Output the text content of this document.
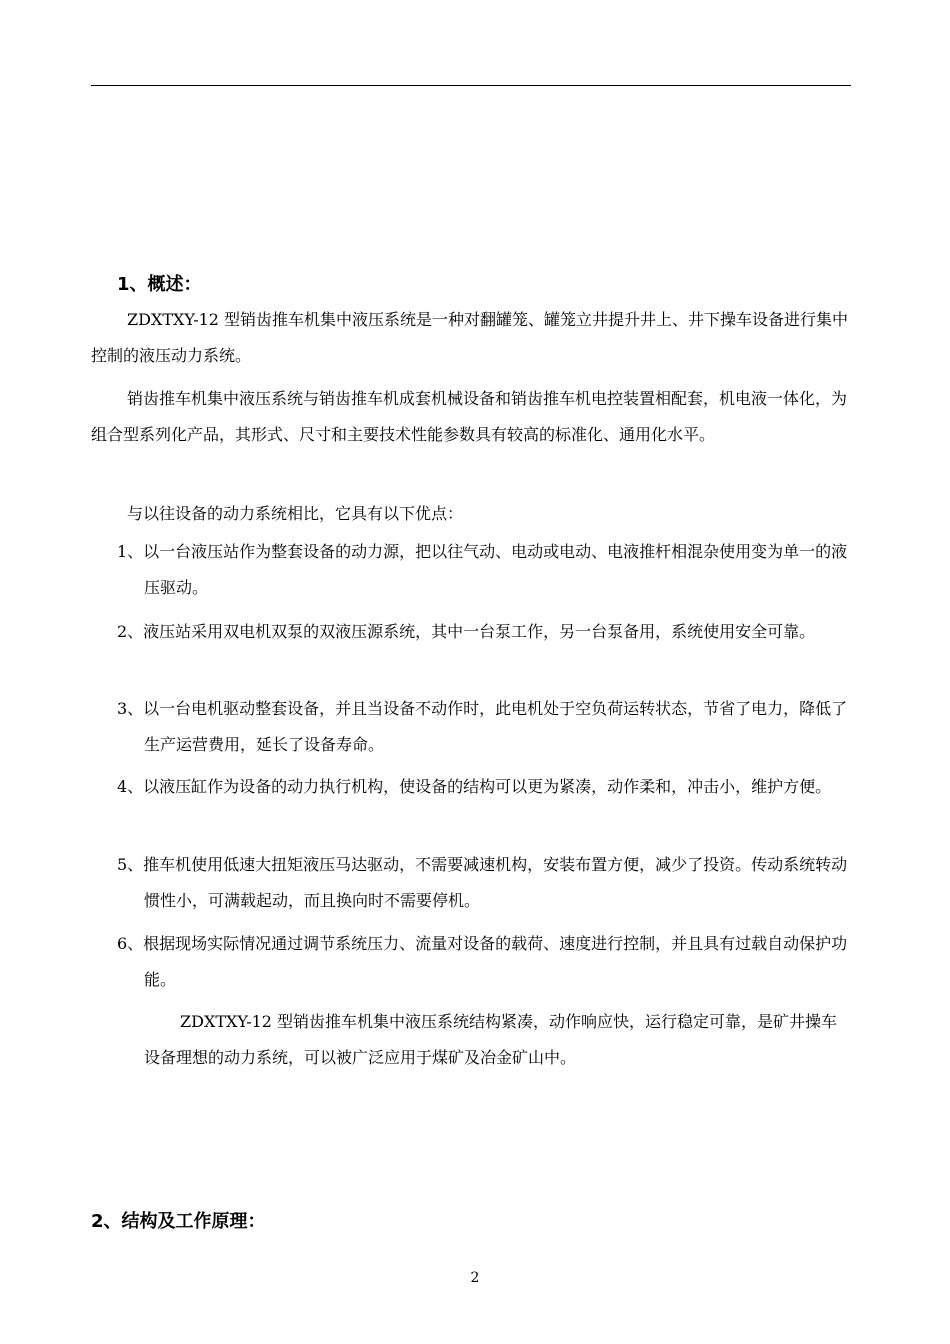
1、概述：
ZDXTXY-12 型销齿推车机集中液压系统是一种对翻罐笼、罐笼立井提升井上、井下操车设备进行集中控制的液压动力系统。
销齿推车机集中液压系统与销齿推车机成套机械设备和销齿推车机电控装置相配套，机电液一体化，为组合型系列化产品，其形式、尺寸和主要技术性能参数具有较高的标准化、通用化水平。
与以往设备的动力系统相比，它具有以下优点：
1、以一台液压站作为整套设备的动力源，把以往气动、电动或电动、电液推杆相混杂使用变为单一的液压驱动。
2、液压站采用双电机双泵的双液压源系统，其中一台泵工作，另一台泵备用，系统使用安全可靠。
3、以一台电机驱动整套设备，并且当设备不动作时，此电机处于空负荷运转状态，节省了电力，降低了生产运营费用，延长了设备寿命。
4、以液压缸作为设备的动力执行机构，使设备的结构可以更为紧凑，动作柔和，冲击小，维护方便。
5、推车机使用低速大扭矩液压马达驱动，不需要减速机构，安装布置方便，减少了投资。传动系统转动惯性小，可满载起动，而且换向时不需要停机。
6、根据现场实际情况通过调节系统压力、流量对设备的载荷、速度进行控制，并且具有过载自动保护功能。
ZDXTXY-12 型销齿推车机集中液压系统结构紧凑，动作响应快，运行稳定可靠，是矿井操车设备理想的动力系统，可以被广泛应用于煤矿及冶金矿山中。
2、结构及工作原理：
2
